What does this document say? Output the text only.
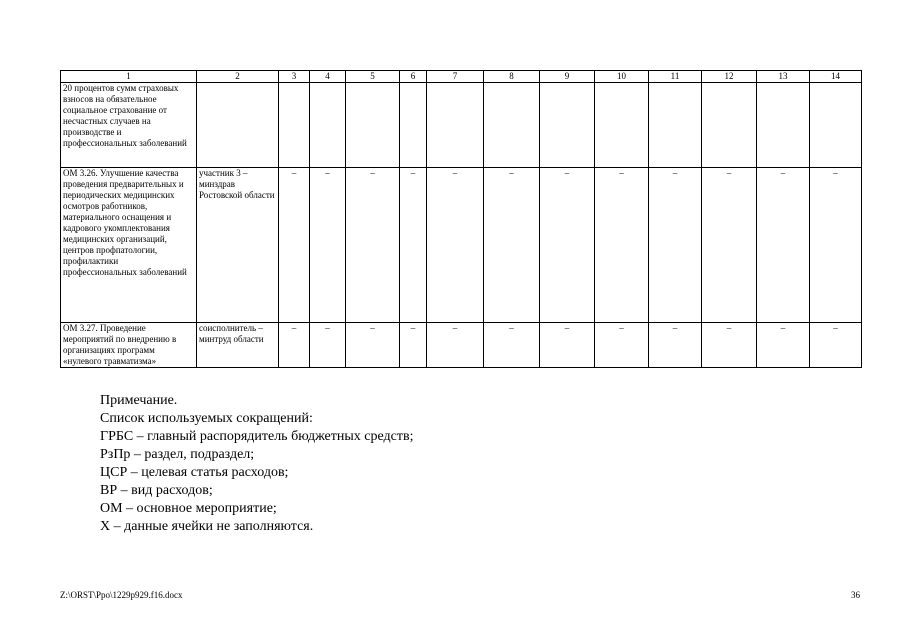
1	2	3	4	5	6	7	8	9	10	11	12	13	14
20 процентов сумм страховых взносов на обязательное социальное страхование от несчастных случаев на производстве и профессиональных заболеваний													
ОМ 3.26. Улучшение качества проведения предварительных и периодических медицинских осмотров работников, материального оснащения и кадрового укомплектования медицинских организаций, центров профпатологии, профилактики профессиональных заболеваний	участник 3 – минздрав Ростовской области	–	–	–	–	–	–	–	–	–	–	–	–
ОМ 3.27. Проведение мероприятий по внедрению в организациях программ «нулевого травматизма»	соисполнитель – минтруд области	–	–	–	–	–	–	–	–	–	–	–	–
Примечание.
Список используемых сокращений:
ГРБС – главный распорядитель бюджетных средств;
РзПр – раздел, подраздел;
ЦСР – целевая статья расходов;
ВР – вид расходов;
ОМ – основное мероприятие;
Х – данные ячейки не заполняются.
Z:\ORST\Ppo\1229p929.f16.docx	36
